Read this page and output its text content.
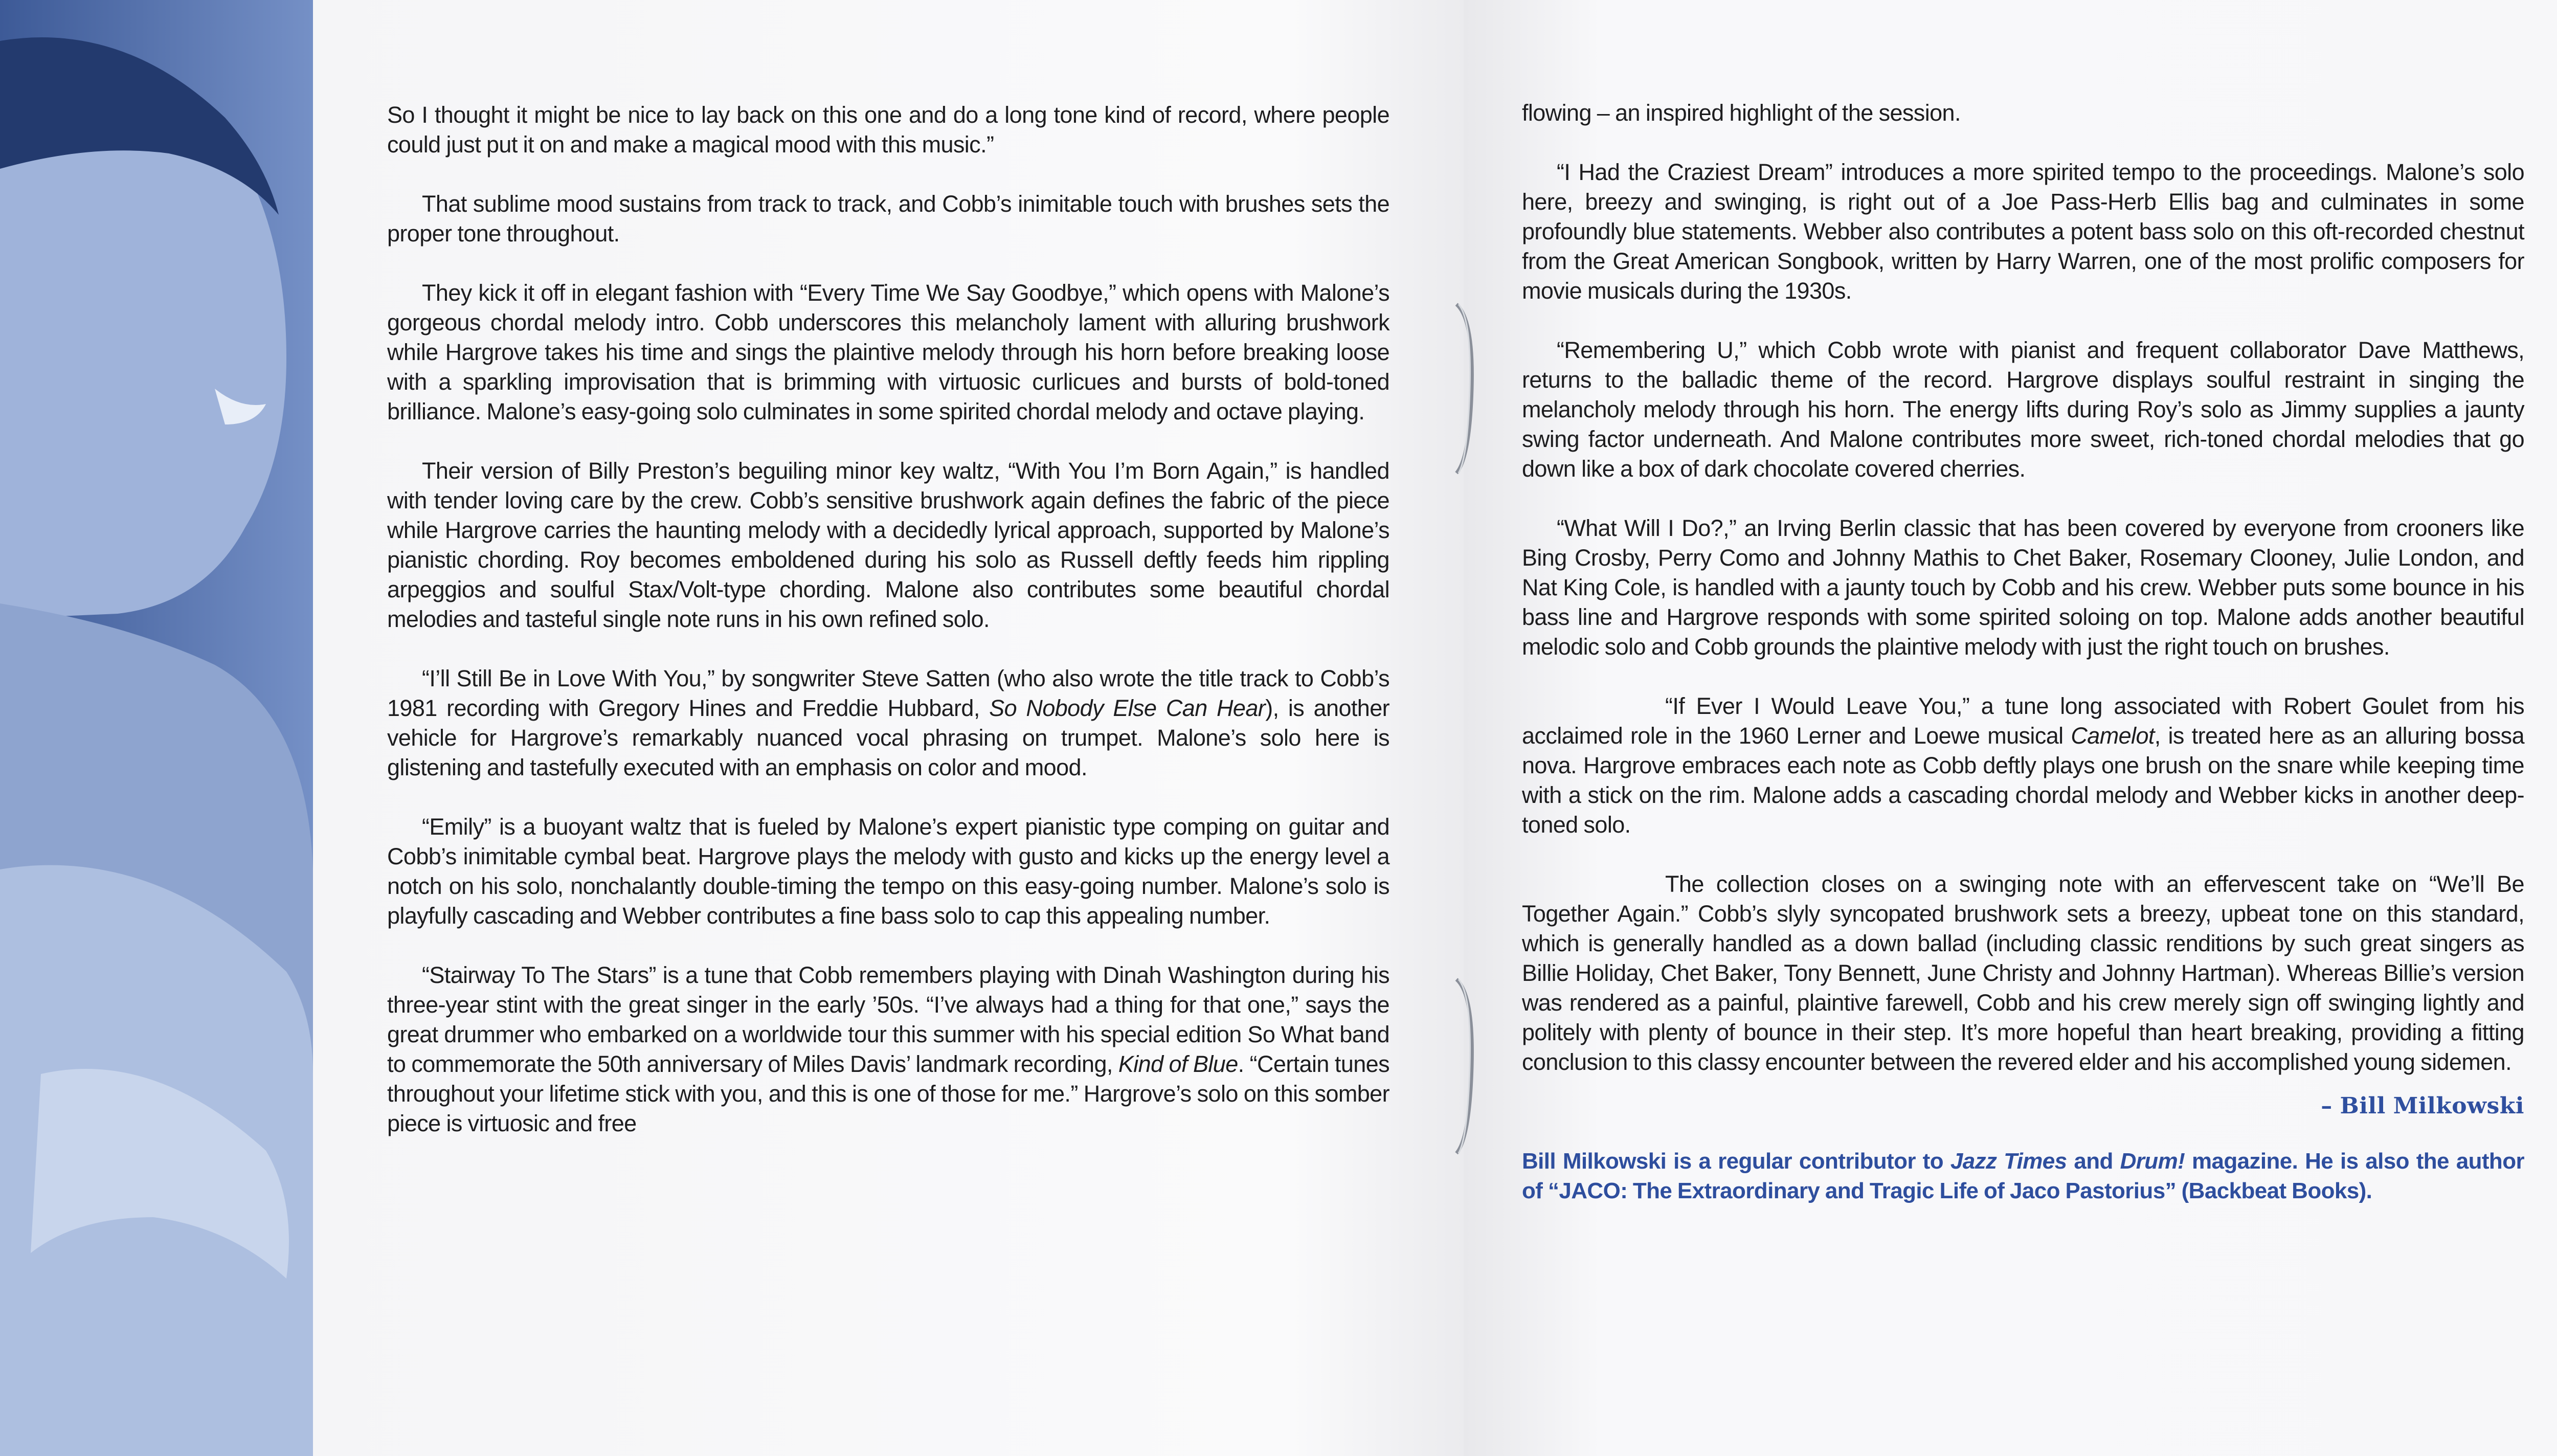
So I thought it might be nice to lay back on this one and do a long tone kind of record, where people could just put it on and make a magical mood with this music.”

That sublime mood sustains from track to track, and Cobb’s inimitable touch with brushes sets the proper tone throughout.

They kick it off in elegant fashion with “Every Time We Say Goodbye,” which opens with Malone’s gorgeous chordal melody intro. Cobb underscores this melancholy lament with alluring brushwork while Hargrove takes his time and sings the plaintive melody through his horn before breaking loose with a sparkling improvisation that is brimming with virtuosic curlicues and bursts of bold-toned brilliance. Malone’s easy-going solo culminates in some spirited chordal melody and octave playing.

Their version of Billy Preston’s beguiling minor key waltz, “With You I’m Born Again,” is handled with tender loving care by the crew. Cobb’s sensitive brushwork again defines the fabric of the piece while Hargrove carries the haunting melody with a decidedly lyrical approach, supported by Malone’s pianistic chording. Roy becomes emboldened during his solo as Russell deftly feeds him rippling arpeggios and soulful Stax/Volt-type chording. Malone also contributes some beautiful chordal melodies and tasteful single note runs in his own refined solo.

“I’ll Still Be in Love With You,” by songwriter Steve Satten (who also wrote the title track to Cobb’s 1981 recording with Gregory Hines and Freddie Hubbard, So Nobody Else Can Hear), is another vehicle for Hargrove’s remarkably nuanced vocal phrasing on trumpet. Malone’s solo here is glistening and tastefully executed with an emphasis on color and mood.

“Emily” is a buoyant waltz that is fueled by Malone’s expert pianistic type comping on guitar and Cobb’s inimitable cymbal beat. Hargrove plays the melody with gusto and kicks up the energy level a notch on his solo, nonchalantly double-timing the tempo on this easy-going number. Malone’s solo is playfully cascading and Webber contributes a fine bass solo to cap this appealing number.

“Stairway To The Stars” is a tune that Cobb remembers playing with Dinah Washington during his three-year stint with the great singer in the early ’50s. “I’ve always had a thing for that one,” says the great drummer who embarked on a worldwide tour this summer with his special edition So What band to commemorate the 50th anniversary of Miles Davis’ landmark recording, Kind of Blue. “Certain tunes throughout your lifetime stick with you, and this is one of those for me.” Hargrove’s solo on this somber piece is virtuosic and free

flowing – an inspired highlight of the session.

“I Had the Craziest Dream” introduces a more spirited tempo to the proceedings. Malone’s solo here, breezy and swinging, is right out of a Joe Pass-Herb Ellis bag and culminates in some profoundly blue statements. Webber also contributes a potent bass solo on this oft-recorded chestnut from the Great American Songbook, written by Harry Warren, one of the most prolific composers for movie musicals during the 1930s.

“Remembering U,” which Cobb wrote with pianist and frequent collaborator Dave Matthews, returns to the balladic theme of the record. Hargrove displays soulful restraint in singing the melancholy melody through his horn. The energy lifts during Roy’s solo as Jimmy supplies a jaunty swing factor underneath. And Malone contributes more sweet, rich-toned chordal melodies that go down like a box of dark chocolate covered cherries.

“What Will I Do?,” an Irving Berlin classic that has been covered by everyone from crooners like Bing Crosby, Perry Como and Johnny Mathis to Chet Baker, Rosemary Clooney, Julie London, and Nat King Cole, is handled with a jaunty touch by Cobb and his crew. Webber puts some bounce in his bass line and Hargrove responds with some spirited soloing on top. Malone adds another beautiful melodic solo and Cobb grounds the plaintive melody with just the right touch on brushes.

“If Ever I Would Leave You,” a tune long associated with Robert Goulet from his acclaimed role in the 1960 Lerner and Loewe musical Camelot, is treated here as an alluring bossa nova. Hargrove embraces each note as Cobb deftly plays one brush on the snare while keeping time with a stick on the rim. Malone adds a cascading chordal melody and Webber kicks in another deep-toned solo.

The collection closes on a swinging note with an effervescent take on “We’ll Be Together Again.” Cobb’s slyly syncopated brushwork sets a breezy, upbeat tone on this standard, which is generally handled as a down ballad (including classic renditions by such great singers as Billie Holiday, Chet Baker, Tony Bennett, June Christy and Johnny Hartman). Whereas Billie’s version was rendered as a painful, plaintive farewell, Cobb and his crew merely sign off swinging lightly and politely with plenty of bounce in their step. It’s more hopeful than heart breaking, providing a fitting conclusion to this classy encounter between the revered elder and his accomplished young sidemen.

– Bill Milkowski
Bill Milkowski is a regular contributor to Jazz Times and Drum! magazine. He is also the author of “JACO: The Extraordinary and Tragic Life of Jaco Pastorius” (Backbeat Books).
